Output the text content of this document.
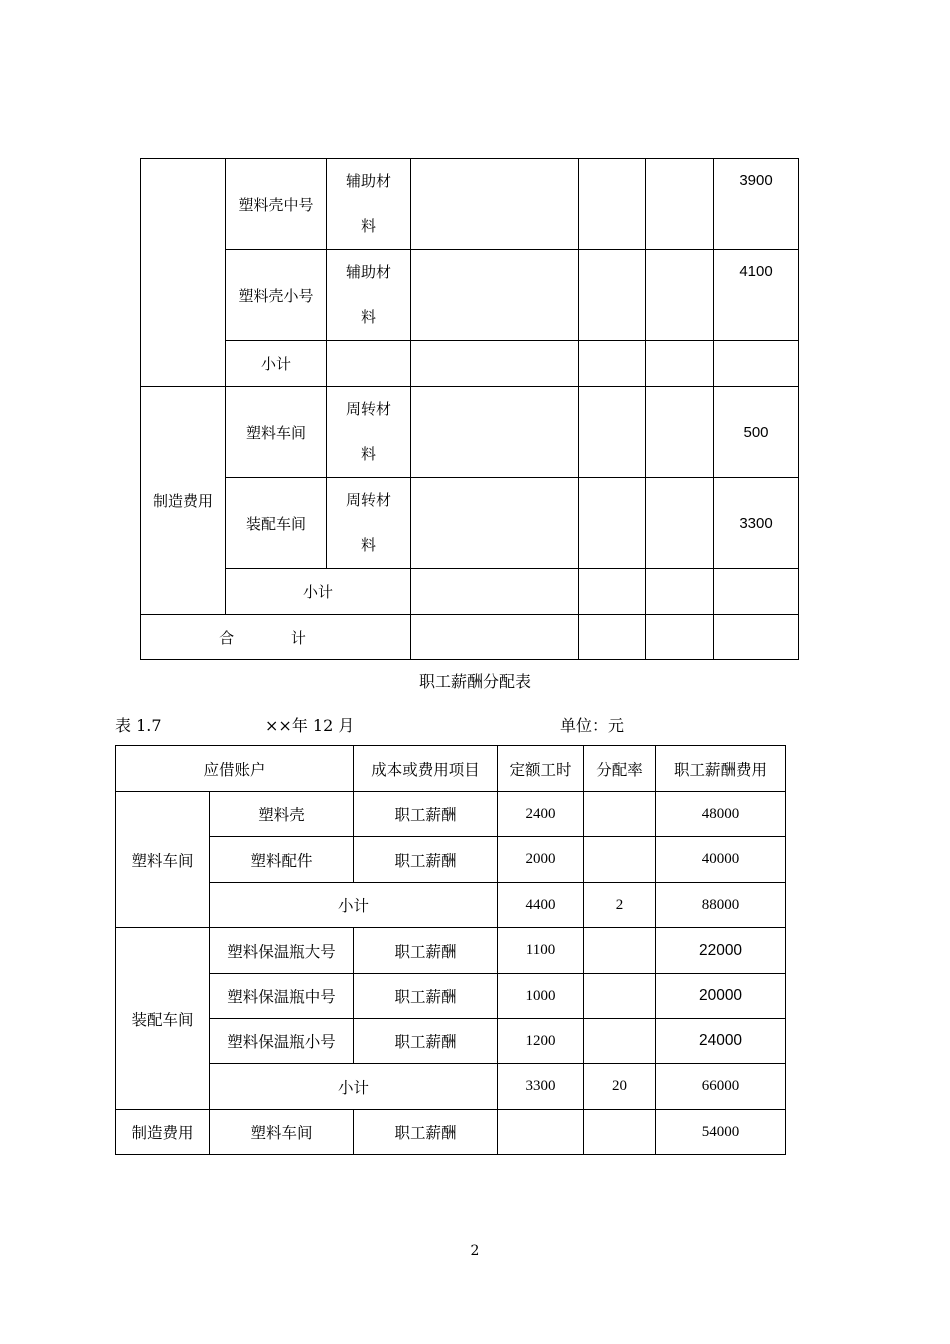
	塑料壳中号	辅助材
料				3900
	塑料壳小号	辅助材
料				4100
	小计					
制造费用	塑料车间	周转材
料				500
	装配车间	周转材
料				3300
	小计					
合 计						
职工薪酬分配表
表 1.7	××年 12 月	单位：元
应借账户		成本或费用项目	定额工时	分配率	职工薪酬费用
塑料车间	塑料壳	职工薪酬	2400		48000
	塑料配件	职工薪酬	2000		40000
	小计		4400	2	88000
装配车间	塑料保温瓶大号	职工薪酬	1100		22000
	塑料保温瓶中号	职工薪酬	1000		20000
	塑料保温瓶小号	职工薪酬	1200		24000
	小计		3300	20	66000
制造费用	塑料车间	职工薪酬			54000
2
